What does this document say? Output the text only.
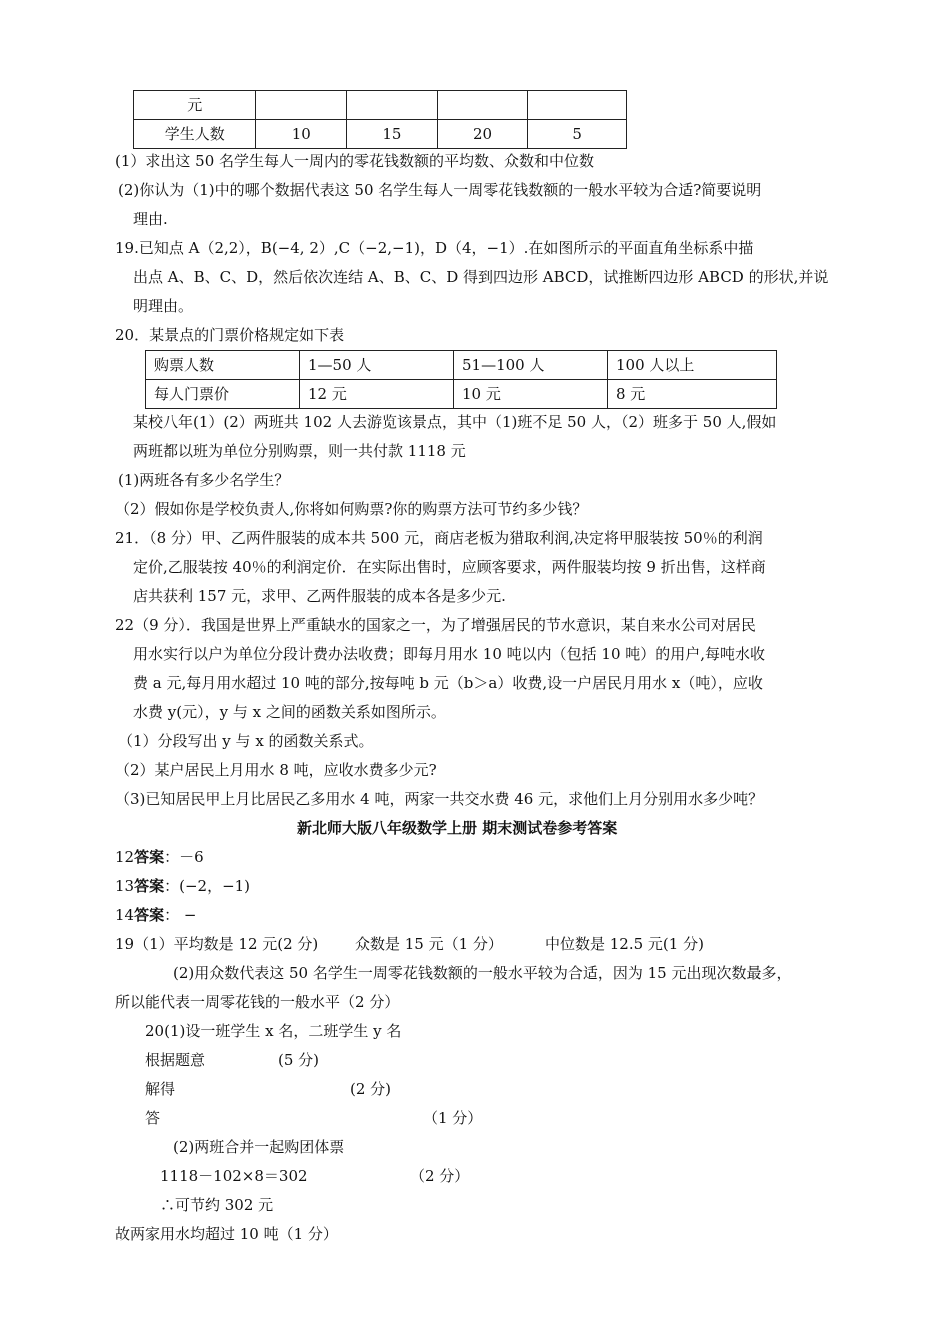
元				
学生人数	10	15	20	5
(1）求出这 50 名学生每人一周内的零花钱数额的平均数、众数和中位数
(2)你认为（1)中的哪个数据代表这 50 名学生每人一周零花钱数额的一般水平较为合适?简要说明
理由.
19.已知点 A（2,2），B(−4, 2）,C（−2,−1)，D（4，−1）.在如图所示的平面直角坐标系中描
出点 A、B、C、D，然后依次连结 A、B、C、D 得到四边形 ABCD，试推断四边形 ABCD 的形状,并说
明理由。
20．某景点的门票价格规定如下表
购票人数	1—50 人	51—100 人	100 人以上
每人门票价	12 元	10 元	8 元
某校八年(1）(2）两班共 102 人去游览该景点，其中（1)班不足 50 人，（2）班多于 50 人,假如
两班都以班为单位分别购票，则一共付款 1118 元
(1)两班各有多少名学生？
（2）假如你是学校负责人,你将如何购票?你的购票方法可节约多少钱？
21．（8 分）甲、乙两件服装的成本共 500 元，商店老板为猎取利润,决定将甲服装按 50％的利润
定价,乙服装按 40％的利润定价．在实际出售时，应顾客要求，两件服装均按 9 折出售，这样商
店共获利 157 元，求甲、乙两件服装的成本各是多少元.
22（9 分）．我国是世界上严重缺水的国家之一，为了增强居民的节水意识，某自来水公司对居民
用水实行以户为单位分段计费办法收费；即每月用水 10 吨以内（包括 10 吨）的用户,每吨水收
费 a 元,每月用水超过 10 吨的部分,按每吨 b 元（b＞a）收费,设一户居民月用水 x（吨），应收
水费 y(元），y 与 x 之间的函数关系如图所示。
（1）分段写出 y 与 x 的函数关系式。
（2）某户居民上月用水 8 吨，应收水费多少元?
（3)已知居民甲上月比居民乙多用水 4 吨，两家一共交水费 46 元，求他们上月分别用水多少吨？
新北师大版八年级数学上册 期末测试卷参考答案
12答案：－6
13答案：(−2，−1)
14答案： −
19（1）平均数是 12 元(2 分) 众数是 15 元（1 分）	中位数是 12.5 元(1 分)
(2)用众数代表这 50 名学生一周零花钱数额的一般水平较为合适，因为 15 元出现次数最多，
所以能代表一周零花钱的一般水平（2 分）
20(1)设一班学生 x 名，二班学生 y 名
根据题意	(5 分)
解得	(2 分)
答	（1 分）
(2)两班合并一起购团体票
1118－102×8＝302	（2 分）
∴可节约 302 元
故两家用水均超过 10 吨（1 分）
